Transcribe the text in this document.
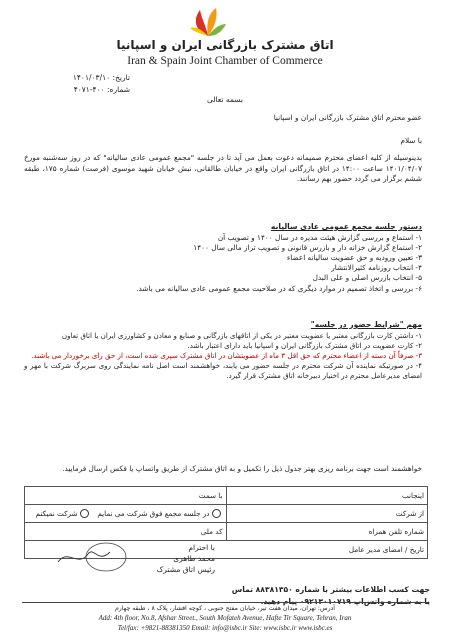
اتاق مشترک بازرگانی ایران و اسپانیا
Iran & Spain Joint Chamber of Commerce
تاریخ: ۱۴۰۱/۰۳/۱۰
شماره: ۴۰۰-۴۰۷۱
بسمه تعالی
عضو محترم اتاق مشترک بازرگانی ایران و اسپانیا
با سلام
بدینوسیله از کلیه اعضای محترم صمیمانه دعوت بعمل می آید تا در جلسه "مجمع عمومی عادی سالیانه" که در روز سه‌شنبه مورخ ۱۴۰۱/۰۴/۰۷ ساعت ۱۴:۰۰ در اتاق بازرگانی ایران واقع در خیابان طالقانی، نبش خیابان شهید موسوی (فرصت) شماره ۱۷۵، طبقه ششم برگزار می گردد حضور بهم رسانند.
دستور جلسه مجمع عمومی عادی سالیانه
۱- استماع و بررسی گزارش هیئت مدیره در سال ۱۴۰۰ و تصویب آن
۲- استماع گزارش خزانه دار و بازرس قانونی و تصویب تراز مالی سال ۱۴۰۰
۳- تعیین ورودیه و حق عضویت سالیانه اعضاء
۴- انتخاب روزنامه کثیرالانتشار
۵- انتخاب بازرس اصلی و علی البدل
۶- بررسی و اتخاذ تصمیم در موارد دیگری که در صلاحیت مجمع عمومی عادی سالیانه می باشد.
مهم "شرایط حضور در جلسه"
۱- داشتن کارت بازرگانی معتبر یا عضویت معتبر در یکی از اتاقهای بازرگانی و صنایع و معادن و کشاورزی ایران یا اتاق تعاون
۲- کارت عضویت در اتاق مشترک بازرگانی ایران و اسپانیا باید دارای اعتبار باشد.
۳- صرفاً آن دسته از اعضاء محترم که حق اقل ۳ ماه از عضویتشان در اتاق مشترک سپری شده است، از حق رای برخوردار می باشند.
۴- در صورتیکه نماینده آن شرکت محترم در جلسه حضور می یابند، خواهشمند است اصل نامه نمایندگی روی سربرگ شرکت با مهر و امضای مدیرعامل محترم در اختیار دبیرخانه اتاق مشترک قرار گیرد.
خواهشمند است جهت برنامه ریزی بهتر جدول ذیل را تکمیل و به اتاق مشترک از طریق واتساپ یا فکس ارسال فرمایید.
اینجانب	با سمت
از شرکت	در جلسه مجمع فوق شرکت می نمایم   شرکت نمیکنم
شماره تلفن همراه	کد ملی
تاریخ / امضای مدیر عامل	
با احترام
محمد طاهری
رئیس اتاق مشترک
جهت کسب اطلاعات بیشتر با شماره ۸۸۳۸۱۳۵۰ تماس
یا به شماره واتس‌اپ ۰۹۲۱۳۰۱۰۷۱۹ پیام دهید.
آدرس: تهران، میدان هفت تیر، خیابان مفتح جنوبی ، کوچه افشار، پلاک ۸ ، طبقه چهارم
Add: 4th floor, No.8, Afshar Street., South Mofateh Avenue, Hafte Tir Square, Tehran, Iran
Tel/fax: +9821-88381350 Email: info@isbc.ir Site: www.isbc.ir www.isbc.es
